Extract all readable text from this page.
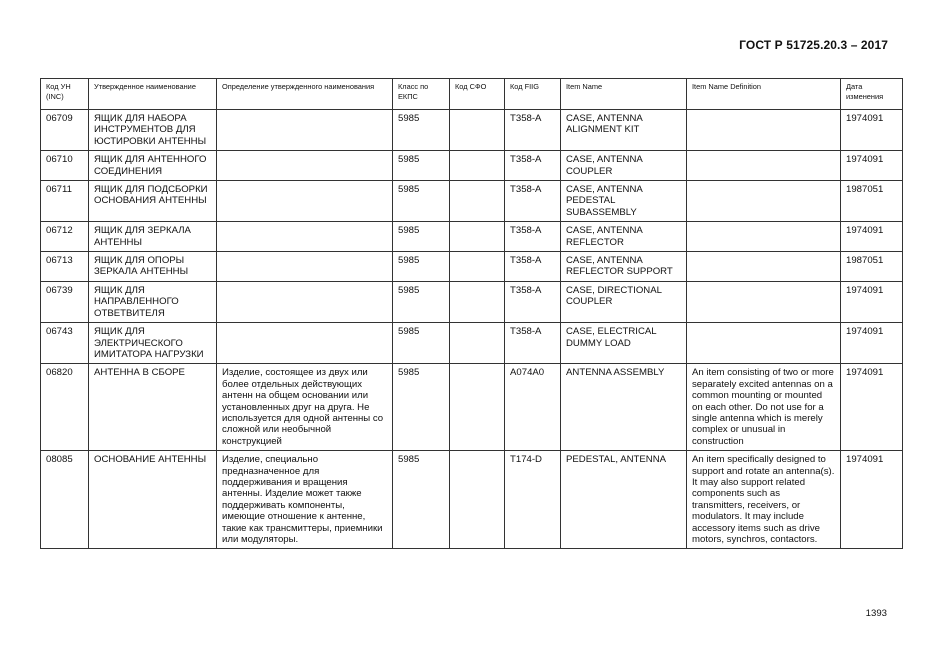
ГОСТ Р 51725.20.3 – 2017
Код УН (INC)	Утвержденное наименование	Определение утвержденного наименования	Класс по ЕКПС	Код СФО	Код FIIG	Item Name	Item Name Definition	Дата изменения
06709	ЯЩИК ДЛЯ НАБОРА ИНСТРУМЕНТОВ ДЛЯ ЮСТИРОВКИ АНТЕННЫ		5985		T358-A	CASE, ANTENNA ALIGNMENT KIT		1974091
06710	ЯЩИК ДЛЯ АНТЕННОГО СОЕДИНЕНИЯ		5985		T358-A	CASE, ANTENNA COUPLER		1974091
06711	ЯЩИК ДЛЯ ПОДСБОРКИ ОСНОВАНИЯ АНТЕННЫ		5985		T358-A	CASE, ANTENNA PEDESTAL SUBASSEMBLY		1987051
06712	ЯЩИК ДЛЯ ЗЕРКАЛА АНТЕННЫ		5985		T358-A	CASE, ANTENNA REFLECTOR		1974091
06713	ЯЩИК ДЛЯ ОПОРЫ ЗЕРКАЛА АНТЕННЫ		5985		T358-A	CASE, ANTENNA REFLECTOR SUPPORT		1987051
06739	ЯЩИК ДЛЯ НАПРАВЛЕННОГО ОТВЕТВИТЕЛЯ		5985		T358-A	CASE, DIRECTIONAL COUPLER		1974091
06743	ЯЩИК ДЛЯ ЭЛЕКТРИЧЕСКОГО ИМИТАТОРА НАГРУЗКИ		5985		T358-A	CASE, ELECTRICAL DUMMY LOAD		1974091
06820	АНТЕННА В СБОРЕ	Изделие, состоящее из двух или более отдельных действующих антенн на общем основании или установленных друг на друга. Не используется для одной антенны со сложной или необычной конструкцией	5985		A074A0	ANTENNA ASSEMBLY	An item consisting of two or more separately excited antennas on a common mounting or mounted on each other. Do not use for a single antenna which is merely complex or unusual in construction	1974091
08085	ОСНОВАНИЕ АНТЕННЫ	Изделие, специально предназначенное для поддерживания и вращения антенны. Изделие может также поддерживать компоненты, имеющие отношение к антенне, такие как трансмиттеры, приемники или модуляторы.	5985		T174-D	PEDESTAL, ANTENNA	An item specifically designed to support and rotate an antenna(s). It may also support related components such as transmitters, receivers, or modulators. It may include accessory items such as drive motors, synchros, contactors.	1974091
1393
